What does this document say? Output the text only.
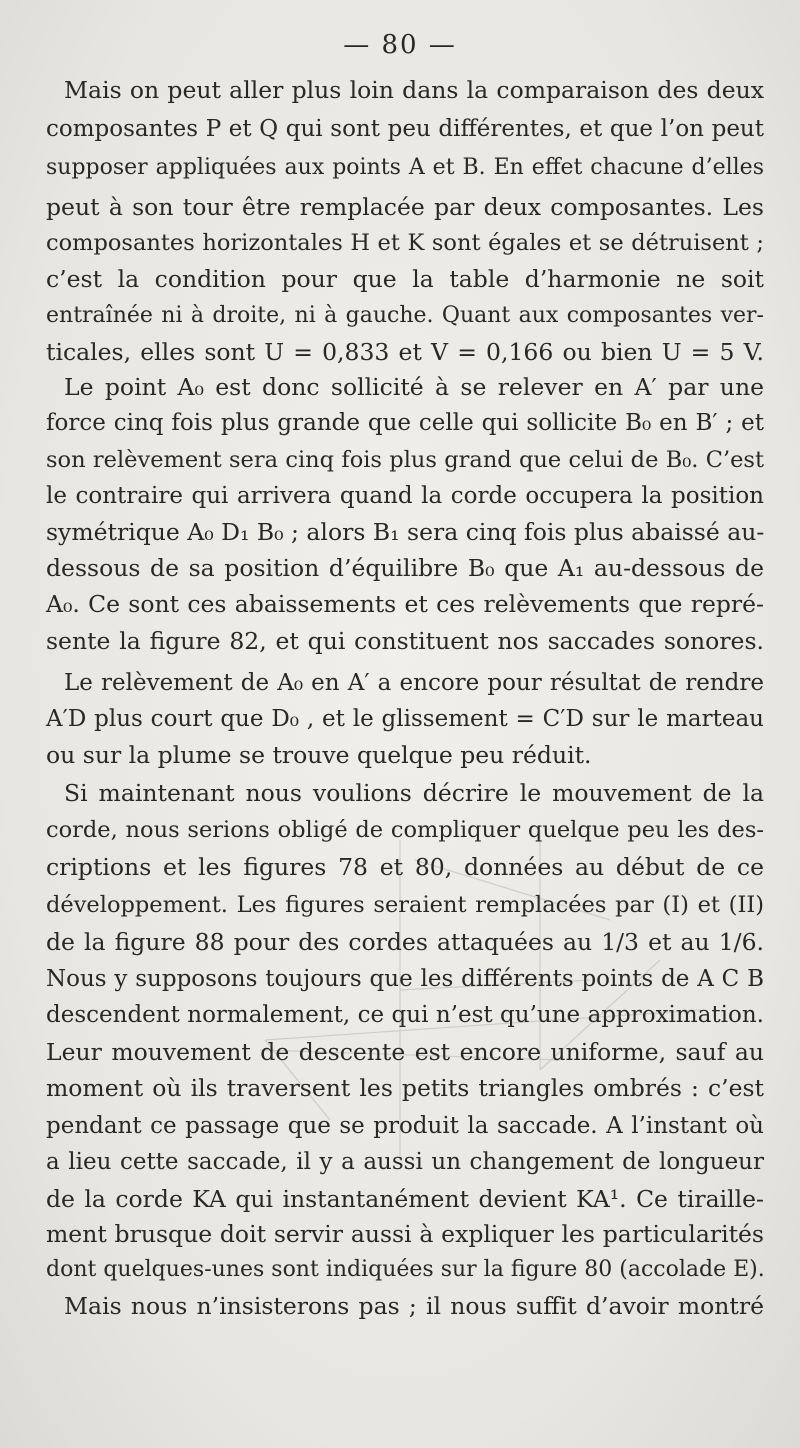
— 80 —
Mais on peut aller plus loin dans la comparaison des deux
composantes P et Q qui sont peu différentes, et que l’on peut
supposer appliquées aux points A et B. En effet chacune d’elles
peut à son tour être remplacée par deux composantes. Les
composantes horizontales H et K sont égales et se détruisent ;
c’est la condition pour que la table d’harmonie ne soit
entraînée ni à droite, ni à gauche. Quant aux composantes ver-
ticales, elles sont U = 0,833 et V = 0,166 ou bien U = 5 V.
Le point A₀ est donc sollicité à se relever en A′ par une
force cinq fois plus grande que celle qui sollicite B₀ en B′ ; et
son relèvement sera cinq fois plus grand que celui de B₀. C’est
le contraire qui arrivera quand la corde occupera la position
symétrique A₀ D₁ B₀ ; alors B₁ sera cinq fois plus abaissé au-
dessous de sa position d’équilibre B₀ que A₁ au-dessous de
A₀. Ce sont ces abaissements et ces relèvements que repré-
sente la figure 82, et qui constituent nos saccades sonores.
Le relèvement de A₀ en A′ a encore pour résultat de rendre
A′D plus court que D₀ , et le glissement = C′D sur le marteau
ou sur la plume se trouve quelque peu réduit.
Si maintenant nous voulions décrire le mouvement de la
corde, nous serions obligé de compliquer quelque peu les des-
criptions et les figures 78 et 80, données au début de ce
développement. Les figures seraient remplacées par (I) et (II)
de la figure 88 pour des cordes attaquées au 1/3 et au 1/6.
Nous y supposons toujours que les différents points de A C B
descendent normalement, ce qui n’est qu’une approximation.
Leur mouvement de descente est encore uniforme, sauf au
moment où ils traversent les petits triangles ombrés : c’est
pendant ce passage que se produit la saccade. A l’instant où
a lieu cette saccade, il y a aussi un changement de longueur
de la corde KA qui instantanément devient KA¹. Ce tiraille-
ment brusque doit servir aussi à expliquer les particularités
dont quelques-unes sont indiquées sur la figure 80 (accolade E).
Mais nous n’insisterons pas ; il nous suffit d’avoir montré
